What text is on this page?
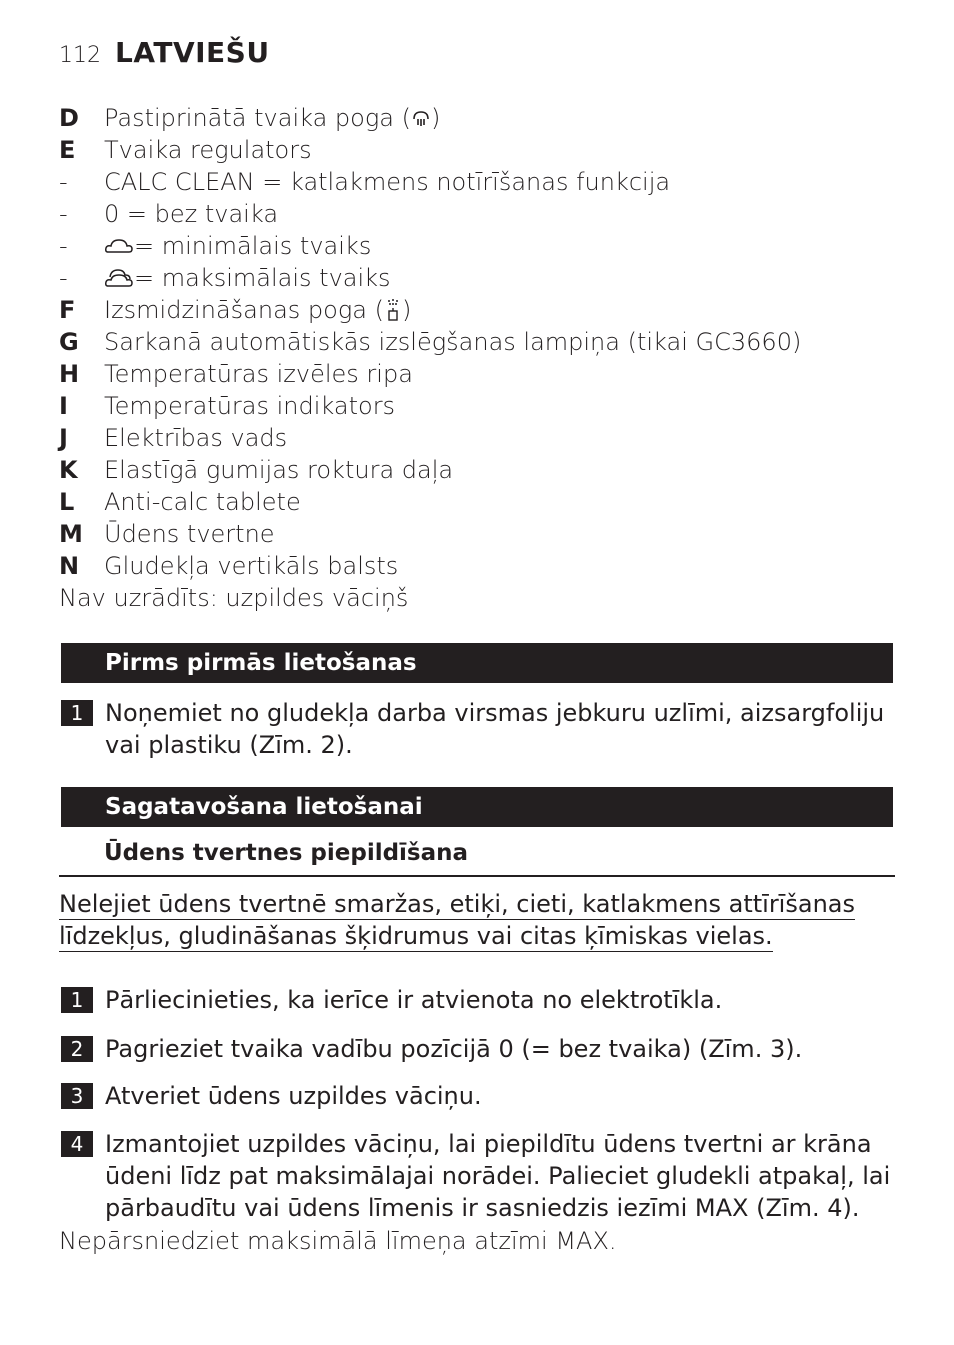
112 LATVIEŠU
D	Pastiprinātā tvaika poga ( )
E	Tvaika regulators
-	CALC CLEAN = katlakmens notīrīšanas funkcija
-	0 = bez tvaika
-	= minimālais tvaiks
-	= maksimālais tvaiks
F	Izsmidzināšanas poga ( )
G	Sarkanā automātiskās izslēgšanas lampiņa (tikai GC3660)
H	Temperatūras izvēles ripa
I	Temperatūras indikators
J	Elektrības vads
K	Elastīgā gumijas roktura daļa
L	Anti-calc tablete
M Ūdens tvertne
N	Gludekļa vertikāls balsts
Nav uzrādīts: uzpildes vāciņš
Pirms pirmās lietošanas
1 Noņemiet no gludekļa darba virsmas jebkuru uzlīmi, aizsargfoliju vai plastiku (Zīm. 2).
Sagatavošana lietošanai
Ūdens tvertnes piepildīšana
Nelejiet ūdens tvertnē smaržas, etiķi, cieti, katlakmens attīrīšanas
līdzekļus, gludināšanas šķidrumus vai citas ķīmiskas vielas.
1 Pārliecinieties, ka ierīce ir atvienota no elektrotīkla.
2 Pagrieziet tvaika vadību pozīcijā 0 (= bez tvaika) (Zīm. 3).
3 Atveriet ūdens uzpildes vāciņu.
4 Izmantojiet uzpildes vāciņu, lai piepildītu ūdens tvertni ar krāna ūdeni līdz pat maksimālajai norādei. Palieciet gludekli atpakaļ, lai pārbaudītu vai ūdens līmenis ir sasniedzis iezīmi MAX (Zīm. 4).
Nepārsniedziet maksimālā līmeņa atzīmi MAX.
